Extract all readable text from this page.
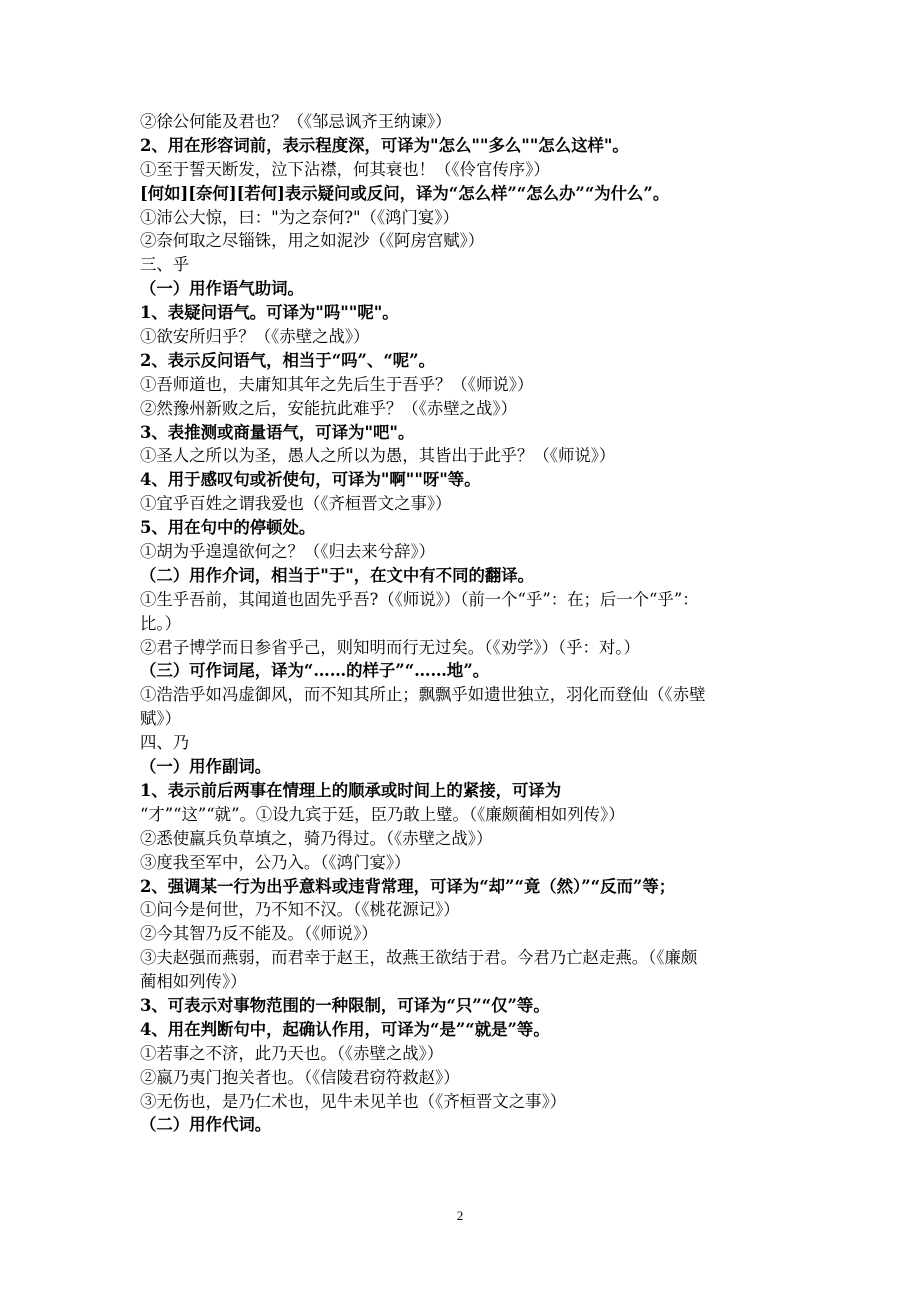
②徐公何能及君也？（《邹忌讽齐王纳谏》）
2、用在形容词前，表示程度深，可译为"怎么""多么""怎么这样"。
①至于誓天断发，泣下沾襟，何其衰也！（《伶官传序》）
[何如][奈何][若何]表示疑问或反问，译为“怎么样”“怎么办”“为什么”。
①沛公大惊，曰："为之奈何?"（《鸿门宴》）
②奈何取之尽锱铢，用之如泥沙（《阿房宫赋》）
三、乎
（一）用作语气助词。
1、表疑问语气。可译为"吗""呢"。
①欲安所归乎？（《赤壁之战》）
2、表示反问语气，相当于“吗”、“呢”。
①吾师道也，夫庸知其年之先后生于吾乎？（《师说》）
②然豫州新败之后，安能抗此难乎？（《赤壁之战》）
3、表推测或商量语气，可译为"吧"。
①圣人之所以为圣，愚人之所以为愚，其皆出于此乎？（《师说》）
4、用于感叹句或祈使句，可译为"啊""呀"等。
①宜乎百姓之谓我爱也（《齐桓晋文之事》）
5、用在句中的停顿处。
①胡为乎遑遑欲何之？（《归去来兮辞》）
（二）用作介词，相当于"于"，在文中有不同的翻译。
①生乎吾前，其闻道也固先乎吾?（《师说》）（前一个“乎”：在；后一个“乎”：
比。）
②君子博学而日参省乎己，则知明而行无过矣。（《劝学》）（乎：对。）
（三）可作词尾，译为“……的样子”“……地”。
①浩浩乎如冯虚御风，而不知其所止；飘飘乎如遗世独立，羽化而登仙（《赤壁
赋》）
四、乃
（一）用作副词。
1、表示前后两事在情理上的顺承或时间上的紧接，可译为
“才”“这”“就”。①设九宾于廷，臣乃敢上璧。（《廉颇蔺相如列传》）
②悉使羸兵负草填之，骑乃得过。（《赤壁之战》）
③度我至军中，公乃入。（《鸿门宴》）
2、强调某一行为出乎意料或违背常理，可译为“却”“竟（然）”“反而”等；
①问今是何世，乃不知不汉。（《桃花源记》）
②今其智乃反不能及。（《师说》）
③夫赵强而燕弱，而君幸于赵王，故燕王欲结于君。今君乃亡赵走燕。（《廉颇
蔺相如列传》）
3、可表示对事物范围的一种限制，可译为“只”“仅”等。
4、用在判断句中，起确认作用，可译为“是”“就是”等。
①若事之不济，此乃天也。（《赤壁之战》）
②嬴乃夷门抱关者也。（《信陵君窃符救赵》）
③无伤也，是乃仁术也，见牛未见羊也（《齐桓晋文之事》）
（二）用作代词。
2
